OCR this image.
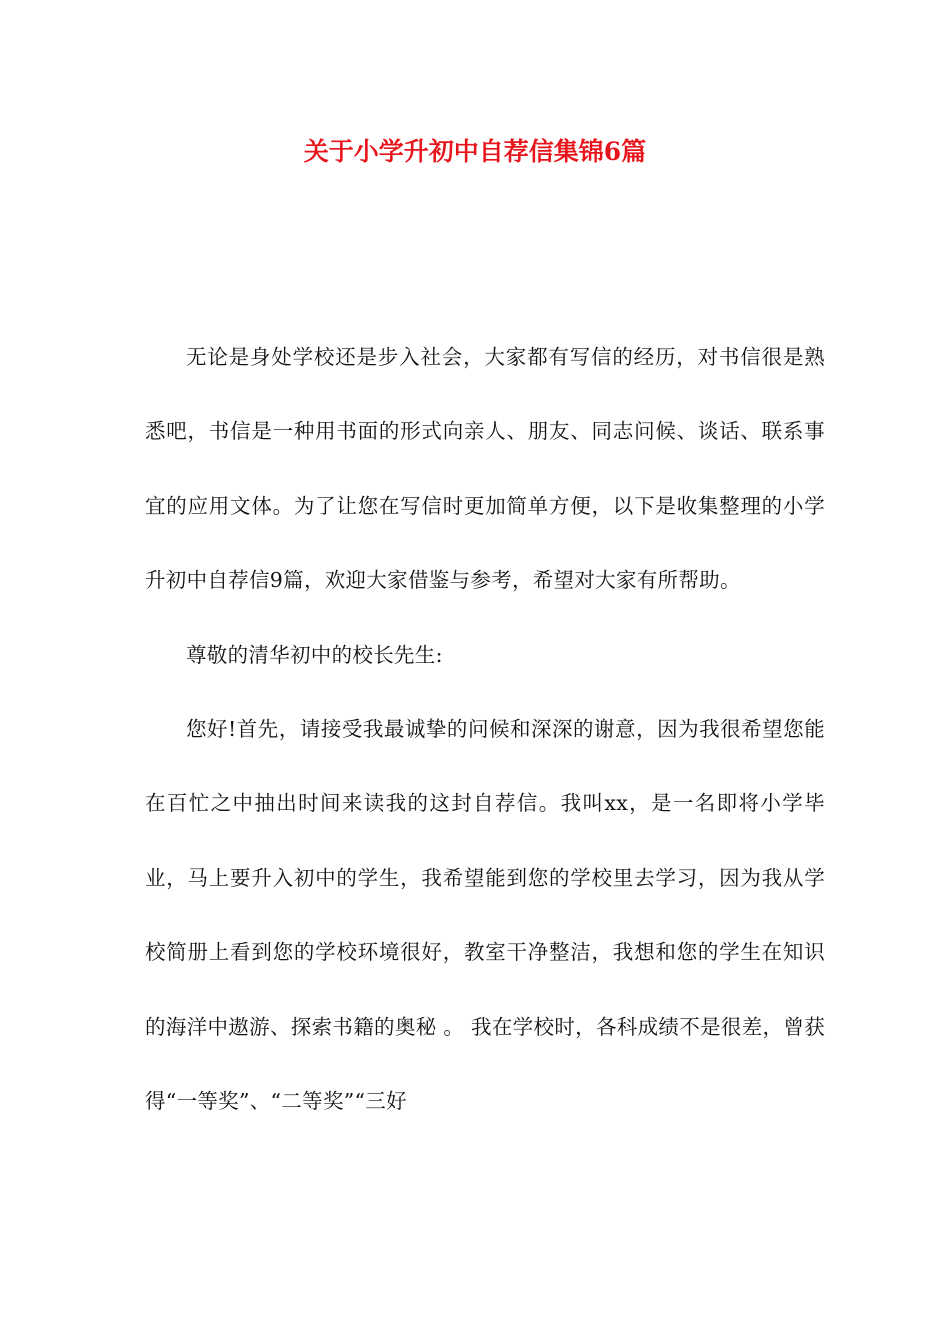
关于小学升初中自荐信集锦6篇

无论是身处学校还是步入社会，大家都有写信的经历，对书信很是熟悉吧，书信是一种用书面的形式向亲人、朋友、同志问候、谈话、联系事宜的应用文体。为了让您在写信时更加简单方便，以下是收集整理的小学升初中自荐信9篇，欢迎大家借鉴与参考，希望对大家有所帮助。

尊敬的清华初中的校长先生:

您好!首先，请接受我最诚挚的问候和深深的谢意，因为我很希望您能在百忙之中抽出时间来读我的这封自荐信。我叫xx，是一名即将小学毕业，马上要升入初中的学生，我希望能到您的学校里去学习，因为我从学校简册上看到您的学校环境很好，教室干净整洁，我想和您的学生在知识的海洋中遨游、探索书籍的奥秘 。 我在学校时，各科成绩不是很差，曾获得“一等奖”、“二等奖”“三好
